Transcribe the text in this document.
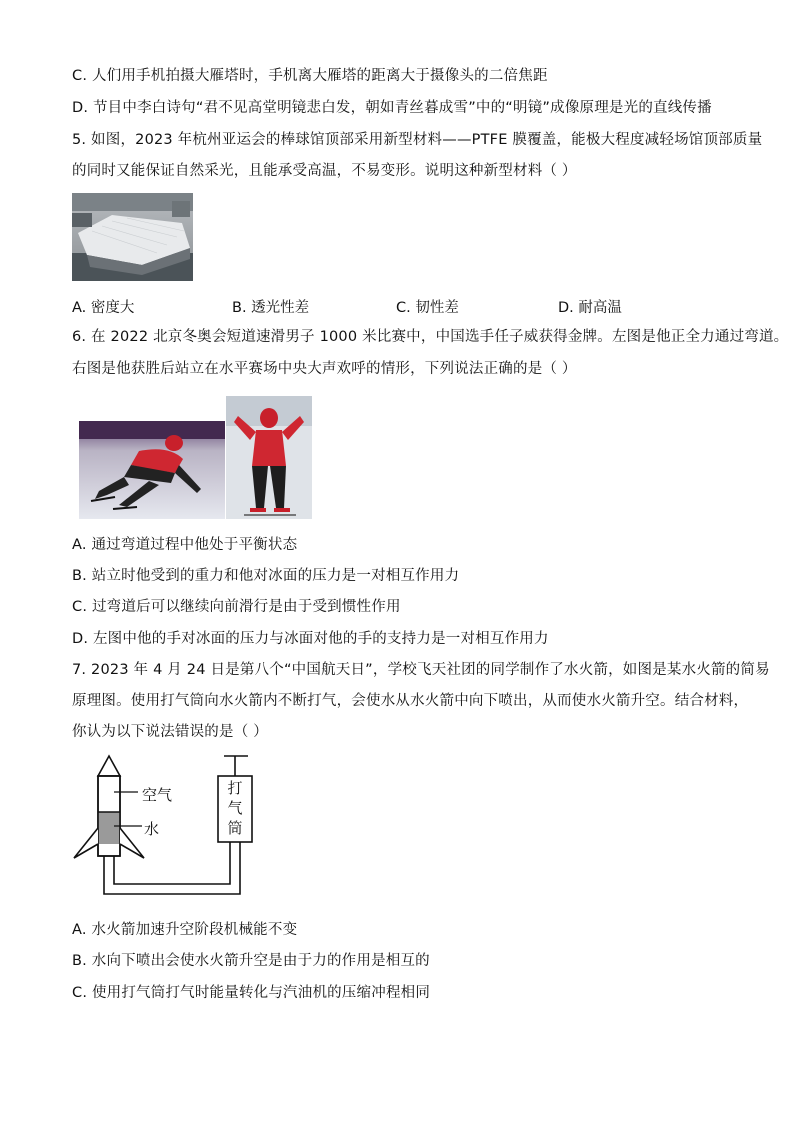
C. 人们用手机拍摄大雁塔时，手机离大雁塔的距离大于摄像头的二倍焦距
D. 节目中李白诗句“君不见高堂明镜悲白发，朝如青丝暮成雪”中的“明镜”成像原理是光的直线传播
5. 如图，2023 年杭州亚运会的棒球馆顶部采用新型材料——PTFE 膜覆盖，能极大程度减轻场馆顶部质量
的同时又能保证自然采光，且能承受高温，不易变形。说明这种新型材料（ ）
A. 密度大	B. 透光性差	C. 韧性差	D. 耐高温
6. 在 2022 北京冬奥会短道速滑男子 1000 米比赛中，中国选手任子威获得金牌。左图是他正全力通过弯道。
右图是他获胜后站立在水平赛场中央大声欢呼的情形，下列说法正确的是（ ）
A. 通过弯道过程中他处于平衡状态
B. 站立时他受到的重力和他对冰面的压力是一对相互作用力
C. 过弯道后可以继续向前滑行是由于受到惯性作用
D. 左图中他的手对冰面的压力与冰面对他的手的支持力是一对相互作用力
7. 2023 年 4 月 24 日是第八个“中国航天日”，学校飞天社团的同学制作了水火箭，如图是某水火箭的简易
原理图。使用打气筒向水火箭内不断打气，会使水从水火箭中向下喷出，从而使水火箭升空。结合材料，
你认为以下说法错误的是（ ）
空气
水
打
气
筒
A. 水火箭加速升空阶段机械能不变
B. 水向下喷出会使水火箭升空是由于力的作用是相互的
C. 使用打气筒打气时能量转化与汽油机的压缩冲程相同
